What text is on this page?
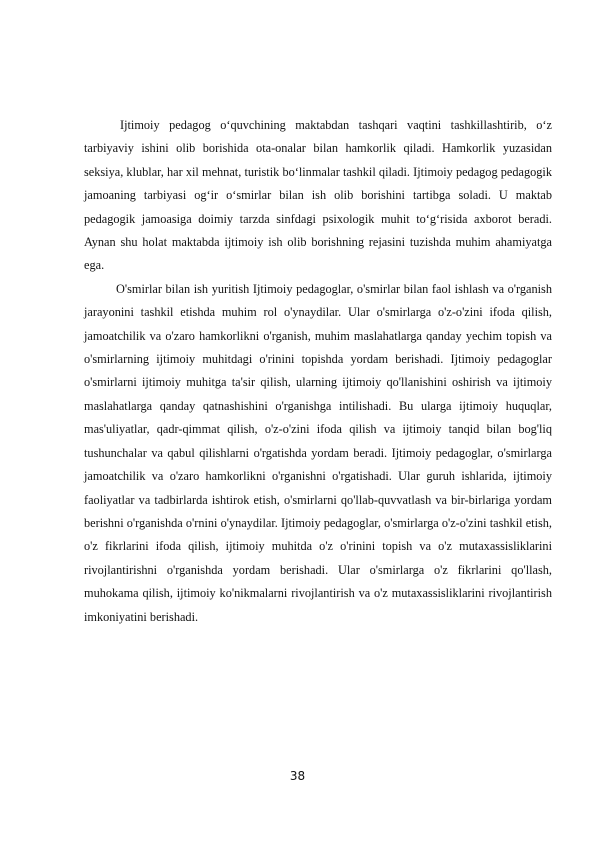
Ijtimoiy pedagog o‘quvchining maktabdan tashqari vaqtini tashkillashtirib, o‘z tarbiyaviy ishini olib borishida ota-onalar bilan hamkorlik qiladi. Hamkorlik yuzasidan seksiya, klublar, har xil mehnat, turistik bo‘linmalar tashkil qiladi. Ijtimoiy pedagog pedagogik jamoaning tarbiyasi og‘ir o‘smirlar bilan ish olib borishini tartibga soladi. U maktab pedagogik jamoasiga doimiy tarzda sinfdagi psixologik muhit to‘g‘risida axborot beradi. Aynan shu holat maktabda ijtimoiy ish olib borishning rejasini tuzishda muhim ahamiyatga ega.

O'smirlar bilan ish yuritish Ijtimoiy pedagoglar, o'smirlar bilan faol ishlash va o'rganish jarayonini tashkil etishda muhim rol o'ynaydilar. Ular o'smirlarga o'z-o'zini ifoda qilish, jamoatchilik va o'zaro hamkorlikni o'rganish, muhim maslahatlarga qanday yechim topish va o'smirlarning ijtimoiy muhitdagi o'rinini topishda yordam berishadi. Ijtimoiy pedagoglar o'smirlarni ijtimoiy muhitga ta'sir qilish, ularning ijtimoiy qo'llanishini oshirish va ijtimoiy maslahatlarga qanday qatnashishini o'rganishga intilishadi. Bu ularga ijtimoiy huquqlar, mas'uliyatlar, qadr-qimmat qilish, o'z-o'zini ifoda qilish va ijtimoiy tanqid bilan bog'liq tushunchalar va qabul qilishlarni o'rgatishda yordam beradi. Ijtimoiy pedagoglar, o'smirlarga jamoatchilik va o'zaro hamkorlikni o'rganishni o'rgatishadi. Ular guruh ishlarida, ijtimoiy faoliyatlar va tadbirlarda ishtirok etish, o'smirlarni qo'llab-quvvatlash va bir-birlariga yordam berishni o'rganishda o'rnini o'ynaydilar. Ijtimoiy pedagoglar, o'smirlarga o'z-o'zini tashkil etish, o'z fikrlarini ifoda qilish, ijtimoiy muhitda o'z o'rinini topish va o'z mutaxassisliklarini rivojlantirishni o'rganishda yordam berishadi. Ular o'smirlarga o'z fikrlarini qo'llash, muhokama qilish, ijtimoiy ko'nikmalarni rivojlantirish va o'z mutaxassisliklarini rivojlantirish imkoniyatini berishadi.

38
